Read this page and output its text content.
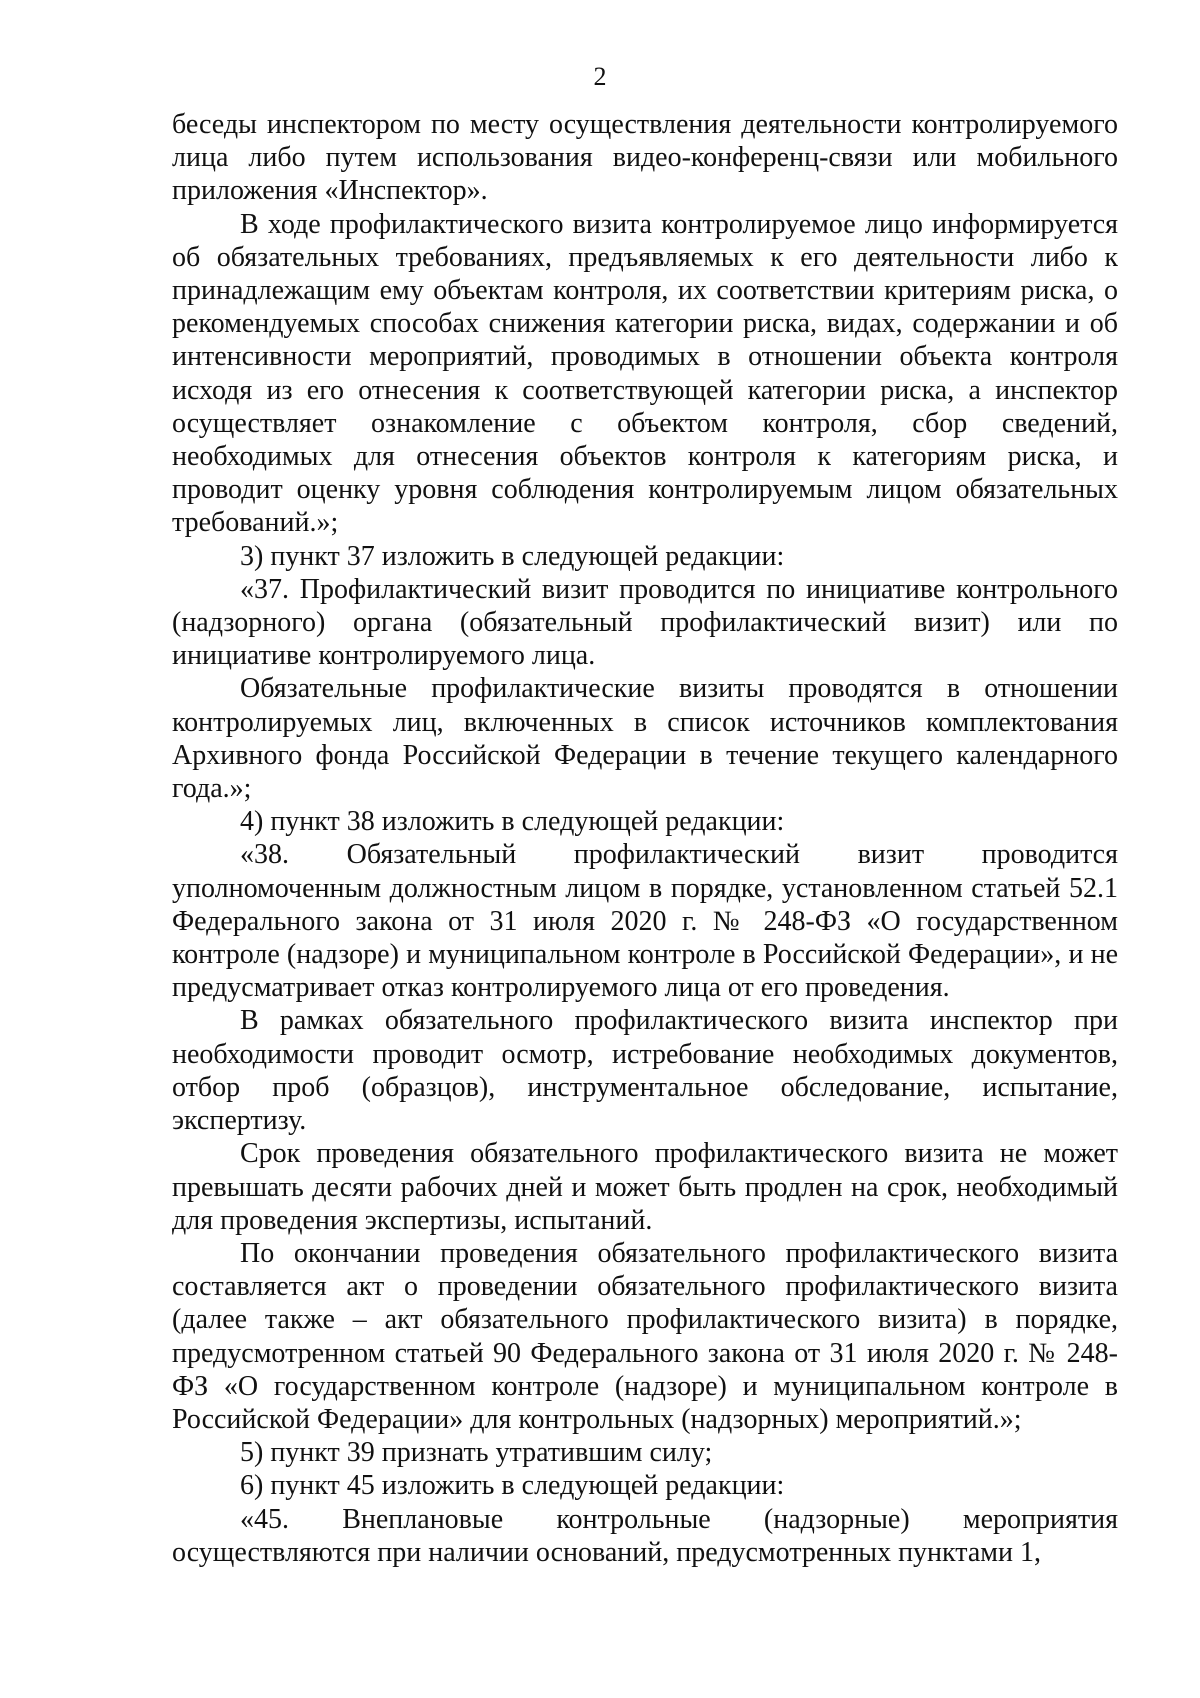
2

беседы инспектором по месту осуществления деятельности контролируемого лица либо путем использования видео-конференц-связи или мобильного приложения «Инспектор».

В ходе профилактического визита контролируемое лицо информируется об обязательных требованиях, предъявляемых к его деятельности либо к принадлежащим ему объектам контроля, их соответствии критериям риска, о рекомендуемых способах снижения категории риска, видах, содержании и об интенсивности мероприятий, проводимых в отношении объекта контроля исходя из его отнесения к соответствующей категории риска, а инспектор осуществляет ознакомление с объектом контроля, сбор сведений, необходимых для отнесения объектов контроля к категориям риска, и проводит оценку уровня соблюдения контролируемым лицом обязательных требований.»;

3) пункт 37 изложить в следующей редакции:

«37. Профилактический визит проводится по инициативе контрольного (надзорного) органа (обязательный профилактический визит) или по инициативе контролируемого лица.

Обязательные профилактические визиты проводятся в отношении контролируемых лиц, включенных в список источников комплектования Архивного фонда Российской Федерации в течение текущего календарного года.»;

4) пункт 38 изложить в следующей редакции:

«38. Обязательный профилактический визит проводится уполномоченным должностным лицом в порядке, установленном статьей 52.1 Федерального закона от 31 июля 2020 г. № 248-ФЗ «О государственном контроле (надзоре) и муниципальном контроле в Российской Федерации», и не предусматривает отказ контролируемого лица от его проведения.

В рамках обязательного профилактического визита инспектор при необходимости проводит осмотр, истребование необходимых документов, отбор проб (образцов), инструментальное обследование, испытание, экспертизу.

Срок проведения обязательного профилактического визита не может превышать десяти рабочих дней и может быть продлен на срок, необходимый для проведения экспертизы, испытаний.

По окончании проведения обязательного профилактического визита составляется акт о проведении обязательного профилактического визита (далее также – акт обязательного профилактического визита) в порядке, предусмотренном статьей 90 Федерального закона от 31 июля 2020 г. № 248-ФЗ «О государственном контроле (надзоре) и муниципальном контроле в Российской Федерации» для контрольных (надзорных) мероприятий.»;

5) пункт 39 признать утратившим силу;

6) пункт 45 изложить в следующей редакции:

«45. Внеплановые контрольные (надзорные) мероприятия осуществляются при наличии оснований, предусмотренных пунктами 1,
